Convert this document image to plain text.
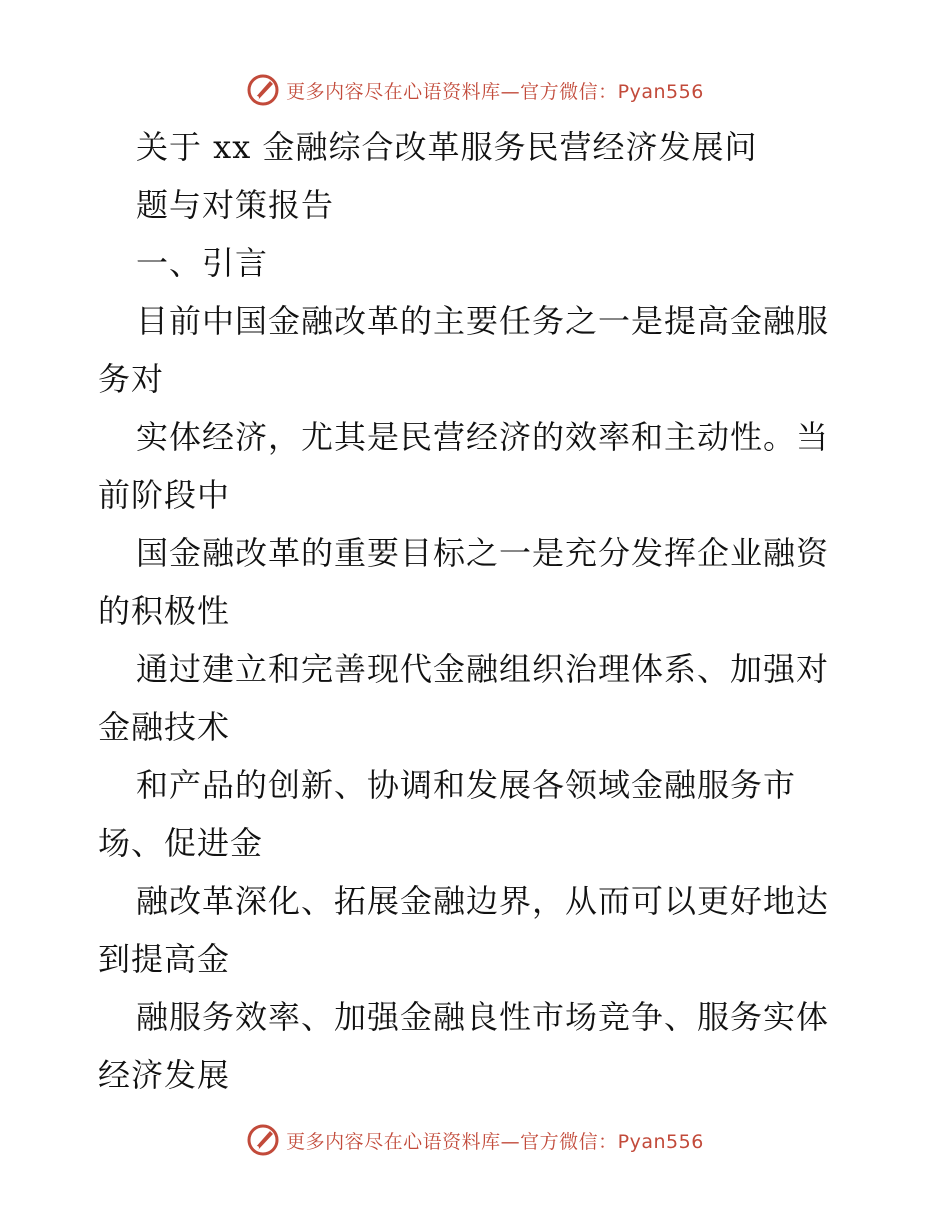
更多内容尽在心语资料库—官方微信：Pyan556
关于 xx 金融综合改革服务民营经济发展问
题与对策报告
一、引言
目前中国金融改革的主要任务之一是提高金融服
务对
实体经济，尤其是民营经济的效率和主动性。当
前阶段中
国金融改革的重要目标之一是充分发挥企业融资
的积极性
通过建立和完善现代金融组织治理体系、加强对
金融技术
和产品的创新、协调和发展各领域金融服务市
场、促进金
融改革深化、拓展金融边界，从而可以更好地达
到提高金
融服务效率、加强金融良性市场竞争、服务实体
经济发展
更多内容尽在心语资料库—官方微信：Pyan556
